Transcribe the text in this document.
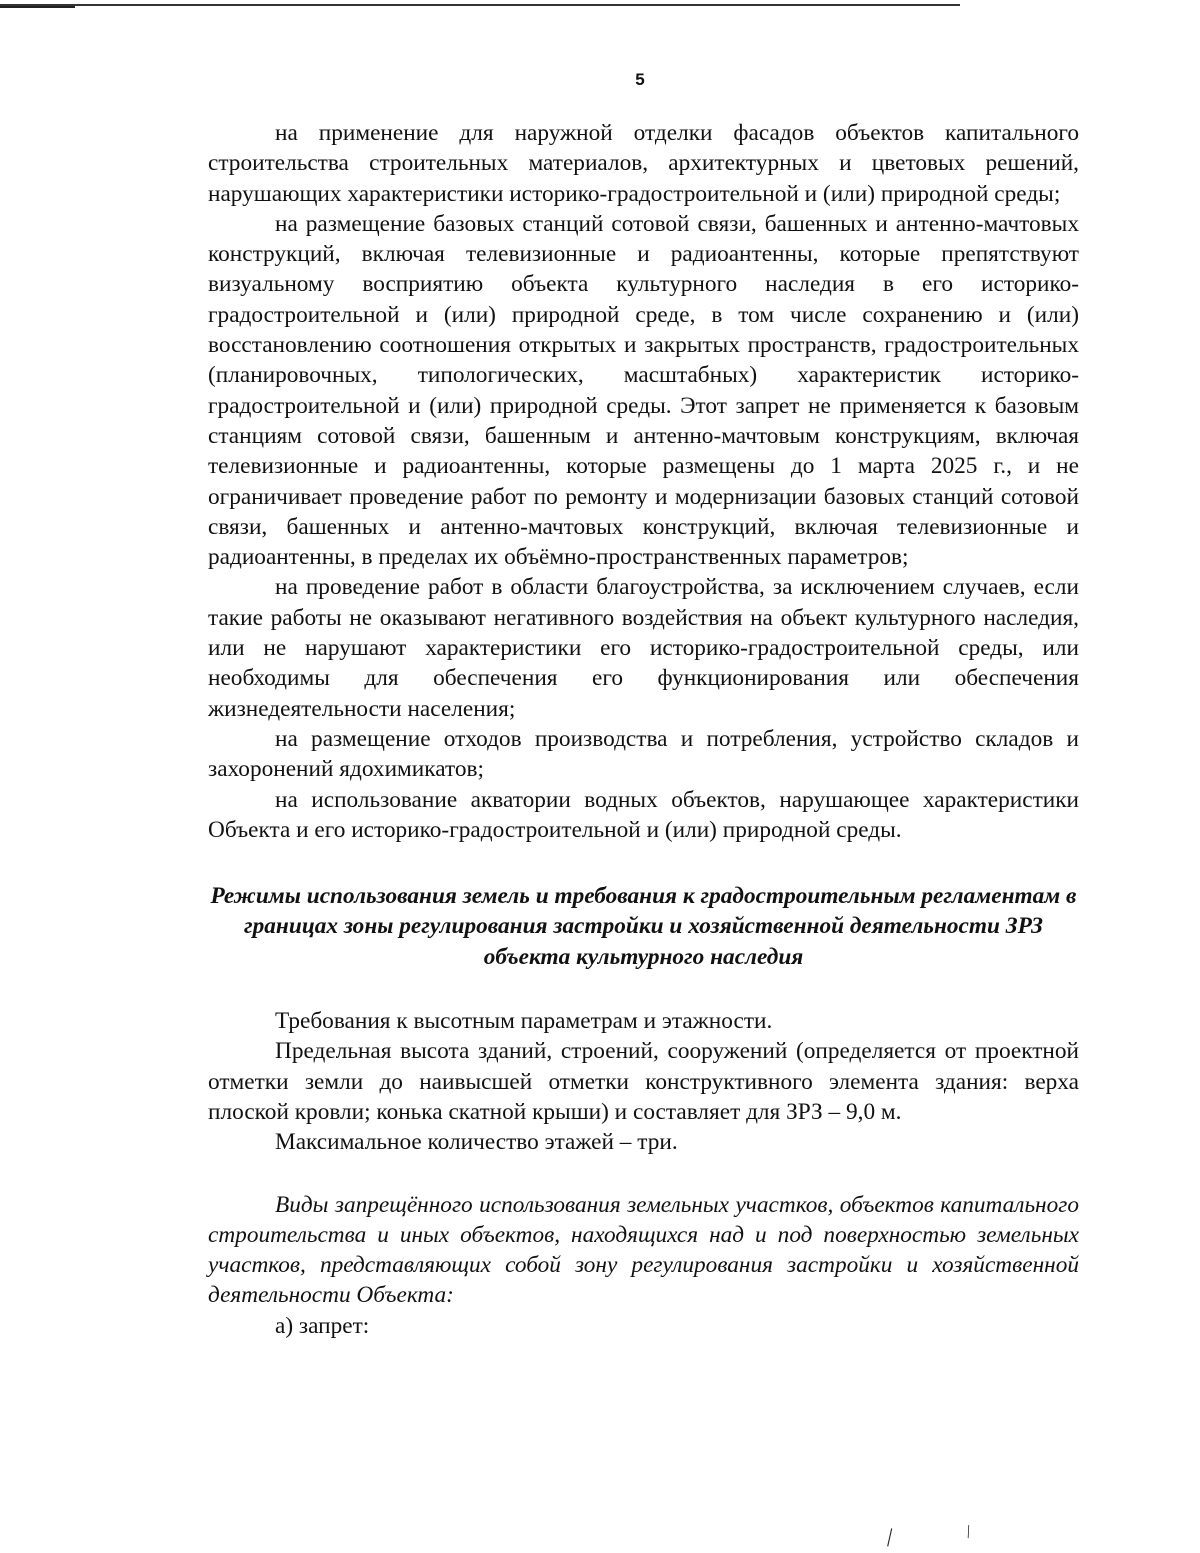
5

на применение для наружной отделки фасадов объектов капитального строительства строительных материалов, архитектурных и цветовых решений, нарушающих характеристики историко-градостроительной и (или) природной среды;

на размещение базовых станций сотовой связи, башенных и антенно-мачтовых конструкций, включая телевизионные и радиоантенны, которые препятствуют визуальному восприятию объекта культурного наследия в его историко-градостроительной и (или) природной среде, в том числе сохранению и (или) восстановлению соотношения открытых и закрытых пространств, градостроительных (планировочных, типологических, масштабных) характеристик историко-градостроительной и (или) природной среды. Этот запрет не применяется к базовым станциям сотовой связи, башенным и антенно-мачтовым конструкциям, включая телевизионные и радиоантенны, которые размещены до 1 марта 2025 г., и не ограничивает проведение работ по ремонту и модернизации базовых станций сотовой связи, башенных и антенно-мачтовых конструкций, включая телевизионные и радиоантенны, в пределах их объёмно-пространственных параметров;

на проведение работ в области благоустройства, за исключением случаев, если такие работы не оказывают негативного воздействия на объект культурного наследия, или не нарушают характеристики его историко-градостроительной среды, или необходимы для обеспечения его функционирования или обеспечения жизнедеятельности населения;

на размещение отходов производства и потребления, устройство складов и захоронений ядохимикатов;

на использование акватории водных объектов, нарушающее характеристики Объекта и его историко-градостроительной и (или) природной среды.

Режимы использования земель и требования к градостроительным регламентам в границах зоны регулирования застройки и хозяйственной деятельности ЗРЗ объекта культурного наследия

Требования к высотным параметрам и этажности.

Предельная высота зданий, строений, сооружений (определяется от проектной отметки земли до наивысшей отметки конструктивного элемента здания: верха плоской кровли; конька скатной крыши) и составляет для ЗРЗ – 9,0 м.

Максимальное количество этажей – три.

Виды запрещённого использования земельных участков, объектов капитального строительства и иных объектов, находящихся над и под поверхностью земельных участков, представляющих собой зону регулирования застройки и хозяйственной деятельности Объекта:

а) запрет:

╲	╲
